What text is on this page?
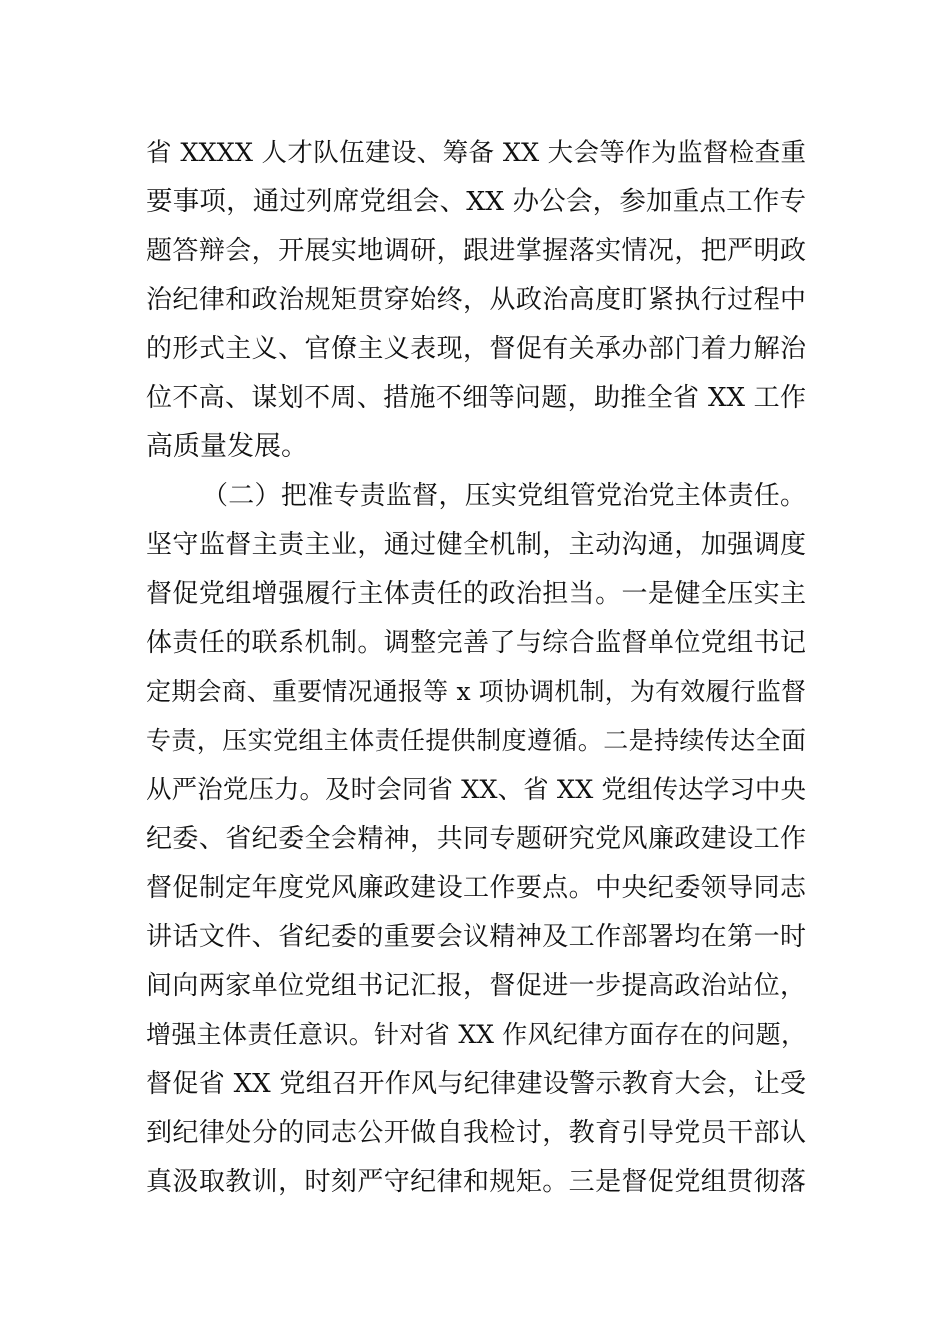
省 XXXX 人才队伍建设、筹备 XX 大会等作为监督检查重
要事项，通过列席党组会、XX 办公会，参加重点工作专
题答辩会，开展实地调研，跟进掌握落实情况，把严明政
治纪律和政治规矩贯穿始终，从政治高度盯紧执行过程中
的形式主义、官僚主义表现，督促有关承办部门着力解治
位不高、谋划不周、措施不细等问题，助推全省 XX 工作
高质量发展。
（二）把准专责监督，压实党组管党治党主体责任。
坚守监督主责主业，通过健全机制，主动沟通，加强调度
督促党组增强履行主体责任的政治担当。一是健全压实主
体责任的联系机制。调整完善了与综合监督单位党组书记
定期会商、重要情况通报等 x 项协调机制，为有效履行监督
专责，压实党组主体责任提供制度遵循。二是持续传达全面
从严治党压力。及时会同省 XX、省 XX 党组传达学习中央
纪委、省纪委全会精神，共同专题研究党风廉政建设工作
督促制定年度党风廉政建设工作要点。中央纪委领导同志
讲话文件、省纪委的重要会议精神及工作部署均在第一时
间向两家单位党组书记汇报，督促进一步提高政治站位，
增强主体责任意识。针对省 XX 作风纪律方面存在的问题，
督促省 XX 党组召开作风与纪律建设警示教育大会，让受
到纪律处分的同志公开做自我检讨，教育引导党员干部认
真汲取教训，时刻严守纪律和规矩。三是督促党组贯彻落
